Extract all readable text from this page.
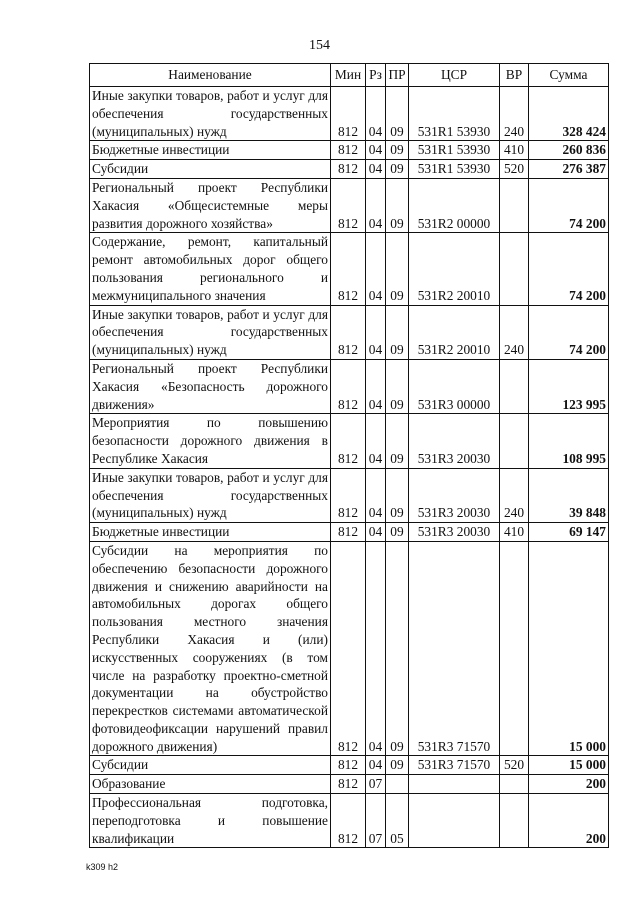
154
Наименование	Мин	Рз	ПР	ЦСР	ВР	Сумма
Иные закупки товаров, работ и услуг для обеспечения государственных (муниципальных) нужд	812	04	09	531R1 53930	240	328 424
Бюджетные инвестиции	812	04	09	531R1 53930	410	260 836
Субсидии	812	04	09	531R1 53930	520	276 387
Региональный проект Республики Хакасия «Общесистемные меры развития дорожного хозяйства»	812	04	09	531R2 00000		74 200
Содержание, ремонт, капитальный ремонт автомобильных дорог общего пользования регионального и межмуниципального значения	812	04	09	531R2 20010		74 200
Иные закупки товаров, работ и услуг для обеспечения государственных (муниципальных) нужд	812	04	09	531R2 20010	240	74 200
Региональный проект Республики Хакасия «Безопасность дорожного движения»	812	04	09	531R3 00000		123 995
Мероприятия по повышению безопасности дорожного движения в Республике Хакасия	812	04	09	531R3 20030		108 995
Иные закупки товаров, работ и услуг для обеспечения государственных (муниципальных) нужд	812	04	09	531R3 20030	240	39 848
Бюджетные инвестиции	812	04	09	531R3 20030	410	69 147
Субсидии на мероприятия по обеспечению безопасности дорожного движения и снижению аварийности на автомобильных дорогах общего пользования местного значения Республики Хакасия и (или) искусственных сооружениях (в том числе на разработку проектно-сметной документации на обустройство перекрестков системами автоматической фотовидеофиксации нарушений правил дорожного движения)	812	04	09	531R3 71570		15 000
Субсидии	812	04	09	531R3 71570	520	15 000
Образование	812	07				200
Профессиональная подготовка, переподготовка и повышение квалификации	812	07	05			200
k309 h2
